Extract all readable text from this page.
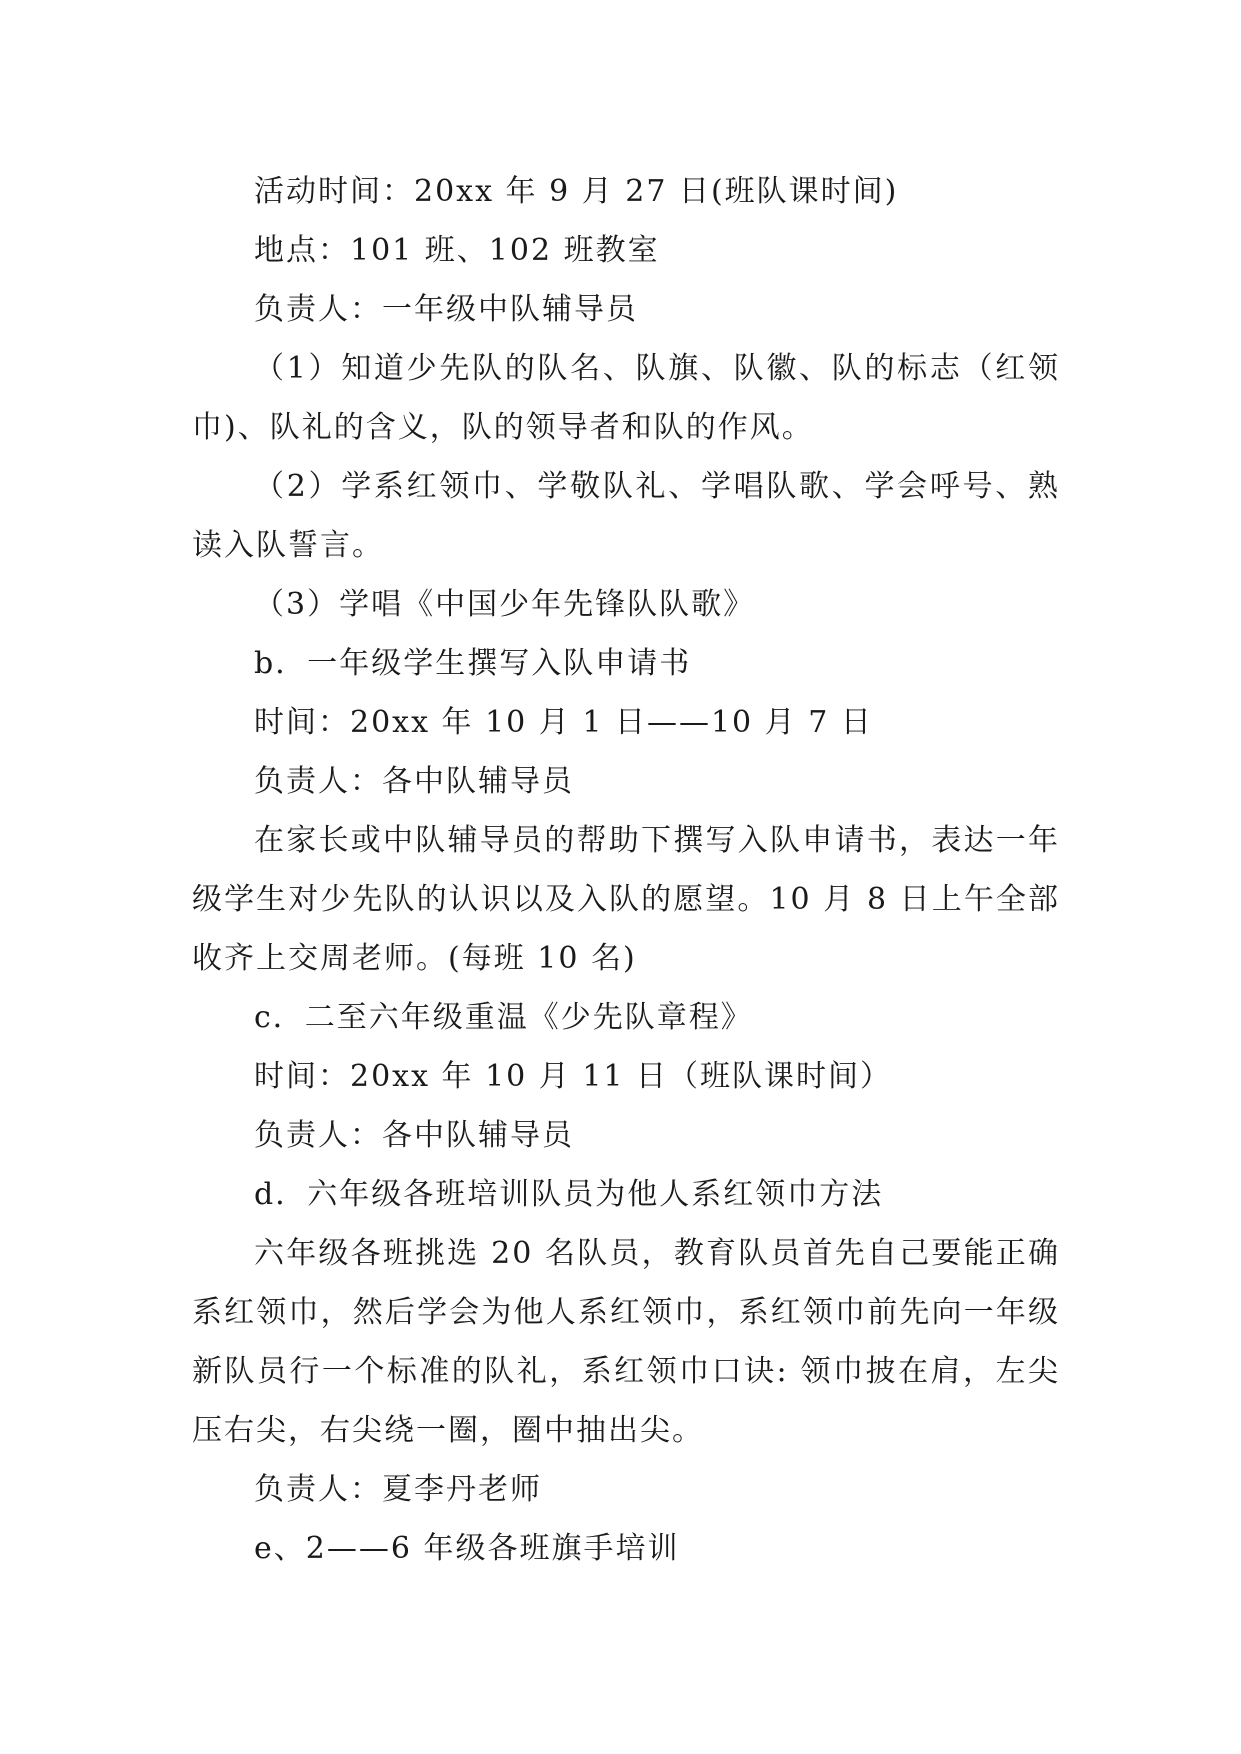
活动时间：20xx 年 9 月 27 日(班队课时间)

地点：101 班、102 班教室

负责人：一年级中队辅导员

（1）知道少先队的队名、队旗、队徽、队的标志（红领巾)、队礼的含义，队的领导者和队的作风。

（2）学系红领巾、学敬队礼、学唱队歌、学会呼号、熟读入队誓言。

（3）学唱《中国少年先锋队队歌》

b．一年级学生撰写入队申请书

时间：20xx 年 10 月 1 日——10 月 7 日

负责人：各中队辅导员

在家长或中队辅导员的帮助下撰写入队申请书，表达一年级学生对少先队的认识以及入队的愿望。10 月 8 日上午全部收齐上交周老师。(每班 10 名)

c．二至六年级重温《少先队章程》

时间：20xx 年 10 月 11 日（班队课时间）

负责人：各中队辅导员

d．六年级各班培训队员为他人系红领巾方法

六年级各班挑选 20 名队员，教育队员首先自己要能正确系红领巾，然后学会为他人系红领巾，系红领巾前先向一年级新队员行一个标准的队礼，系红领巾口诀: 领巾披在肩，左尖压右尖，右尖绕一圈，圈中抽出尖。

负责人：夏李丹老师

e、2——6 年级各班旗手培训
